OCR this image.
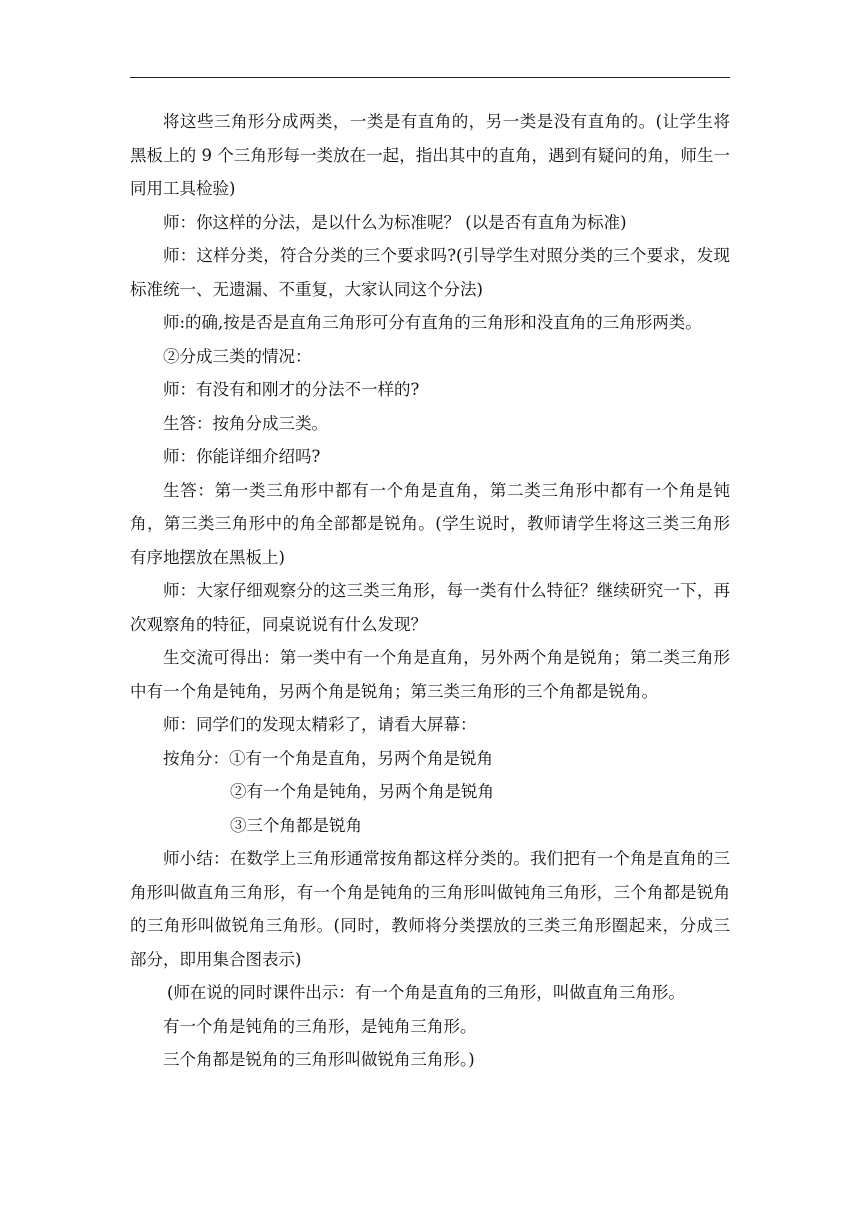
将这些三角形分成两类，一类是有直角的，另一类是没有直角的。(让学生将黑板上的 9 个三角形每一类放在一起，指出其中的直角，遇到有疑问的角，师生一同用工具检验)

师：你这样的分法，是以什么为标准呢？ (以是否有直角为标准)

师：这样分类，符合分类的三个要求吗?(引导学生对照分类的三个要求，发现标准统一、无遗漏、不重复，大家认同这个分法)

师:的确,按是否是直角三角形可分有直角的三角形和没直角的三角形两类。

②分成三类的情况：

师：有没有和刚才的分法不一样的?

生答：按角分成三类。

师：你能详细介绍吗?

生答：第一类三角形中都有一个角是直角，第二类三角形中都有一个角是钝角，第三类三角形中的角全部都是锐角。(学生说时，教师请学生将这三类三角形有序地摆放在黑板上)

师：大家仔细观察分的这三类三角形，每一类有什么特征？继续研究一下，再次观察角的特征，同桌说说有什么发现？

生交流可得出：第一类中有一个角是直角，另外两个角是锐角；第二类三角形中有一个角是钝角，另两个角是锐角；第三类三角形的三个角都是锐角。

师：同学们的发现太精彩了，请看大屏幕：

按角分：①有一个角是直角，另两个角是锐角

②有一个角是钝角，另两个角是锐角

③三个角都是锐角

师小结：在数学上三角形通常按角都这样分类的。我们把有一个角是直角的三角形叫做直角三角形，有一个角是钝角的三角形叫做钝角三角形，三个角都是锐角的三角形叫做锐角三角形。(同时，教师将分类摆放的三类三角形圈起来，分成三部分，即用集合图表示)

(师在说的同时课件出示：有一个角是直角的三角形，叫做直角三角形。

有一个角是钝角的三角形，是钝角三角形。

三个角都是锐角的三角形叫做锐角三角形。)
